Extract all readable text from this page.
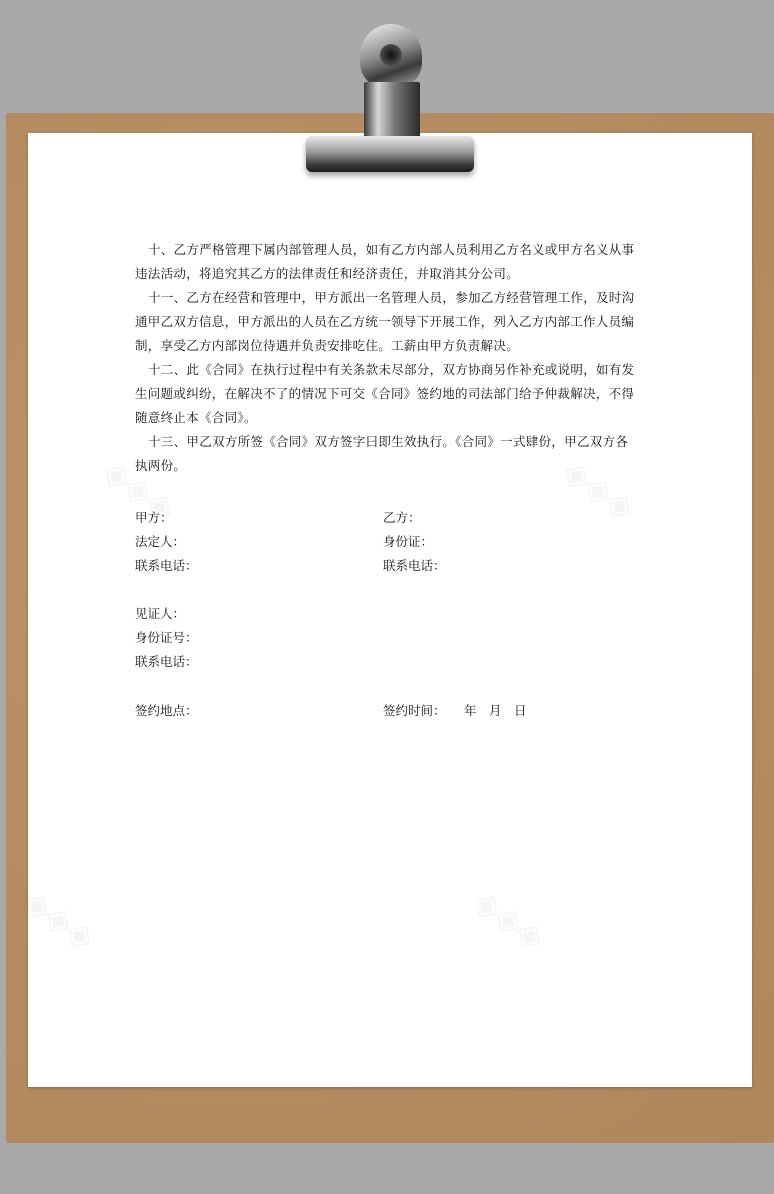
十、乙方严格管理下属内部管理人员，如有乙方内部人员利用乙方名义或甲方名义从事违法活动，将追究其乙方的法律责任和经济责任，并取消其分公司。

十一、乙方在经营和管理中，甲方派出一名管理人员，参加乙方经营管理工作，及时沟通甲乙双方信息，甲方派出的人员在乙方统一领导下开展工作，列入乙方内部工作人员编制，享受乙方内部岗位待遇并负责安排吃住。工薪由甲方负责解决。

十二、此《合同》在执行过程中有关条款未尽部分，双方协商另作补充或说明，如有发生问题或纠纷，在解决不了的情况下可交《合同》签约地的司法部门给予仲裁解决，不得随意终止本《合同》。

十三、甲乙双方所签《合同》双方签字曰即生效执行。《合同》一式肆份，甲乙双方各执两份。

甲方：	乙方：
法定人：	身份证：
联系电话：	联系电话：
见证人：
身份证号：
联系电话：
签约地点：	签约时间： 年　月　日
